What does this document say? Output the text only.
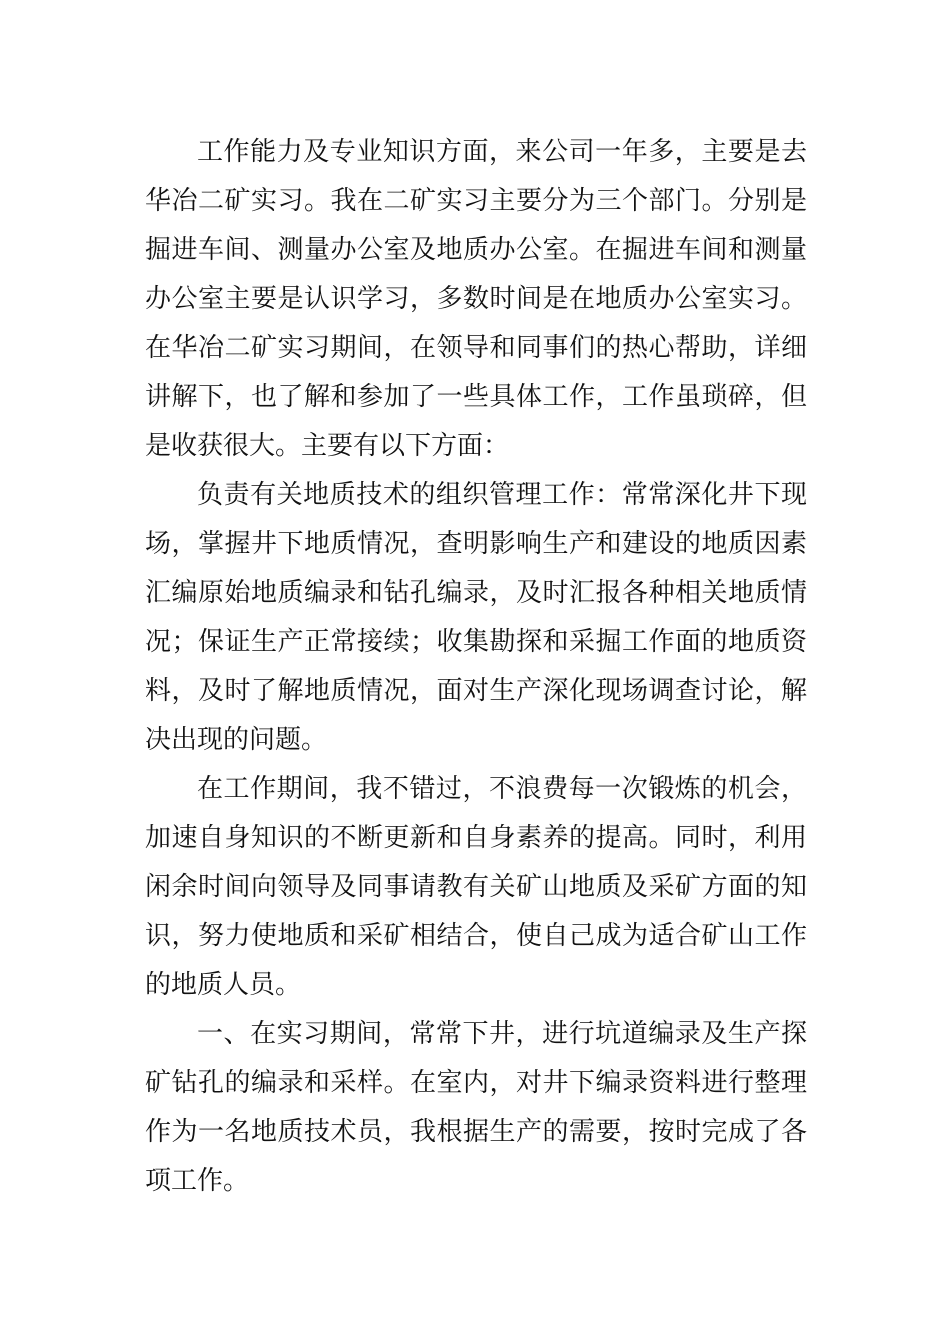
工作能力及专业知识方面，来公司一年多，主要是去
华冶二矿实习。我在二矿实习主要分为三个部门。分别是
掘进车间、测量办公室及地质办公室。在掘进车间和测量
办公室主要是认识学习，多数时间是在地质办公室实习。
在华冶二矿实习期间，在领导和同事们的热心帮助，详细
讲解下，也了解和参加了一些具体工作，工作虽琐碎，但
是收获很大。主要有以下方面：
负责有关地质技术的组织管理工作：常常深化井下现
场，掌握井下地质情况，查明影响生产和建设的地质因素
汇编原始地质编录和钻孔编录，及时汇报各种相关地质情
况；保证生产正常接续；收集勘探和采掘工作面的地质资
料，及时了解地质情况，面对生产深化现场调查讨论，解
决出现的问题。
在工作期间，我不错过，不浪费每一次锻炼的机会，
加速自身知识的不断更新和自身素养的提高。同时，利用
闲余时间向领导及同事请教有关矿山地质及采矿方面的知
识，努力使地质和采矿相结合，使自己成为适合矿山工作
的地质人员。
一、在实习期间，常常下井，进行坑道编录及生产探
矿钻孔的编录和采样。在室内，对井下编录资料进行整理
作为一名地质技术员，我根据生产的需要，按时完成了各
项工作。
